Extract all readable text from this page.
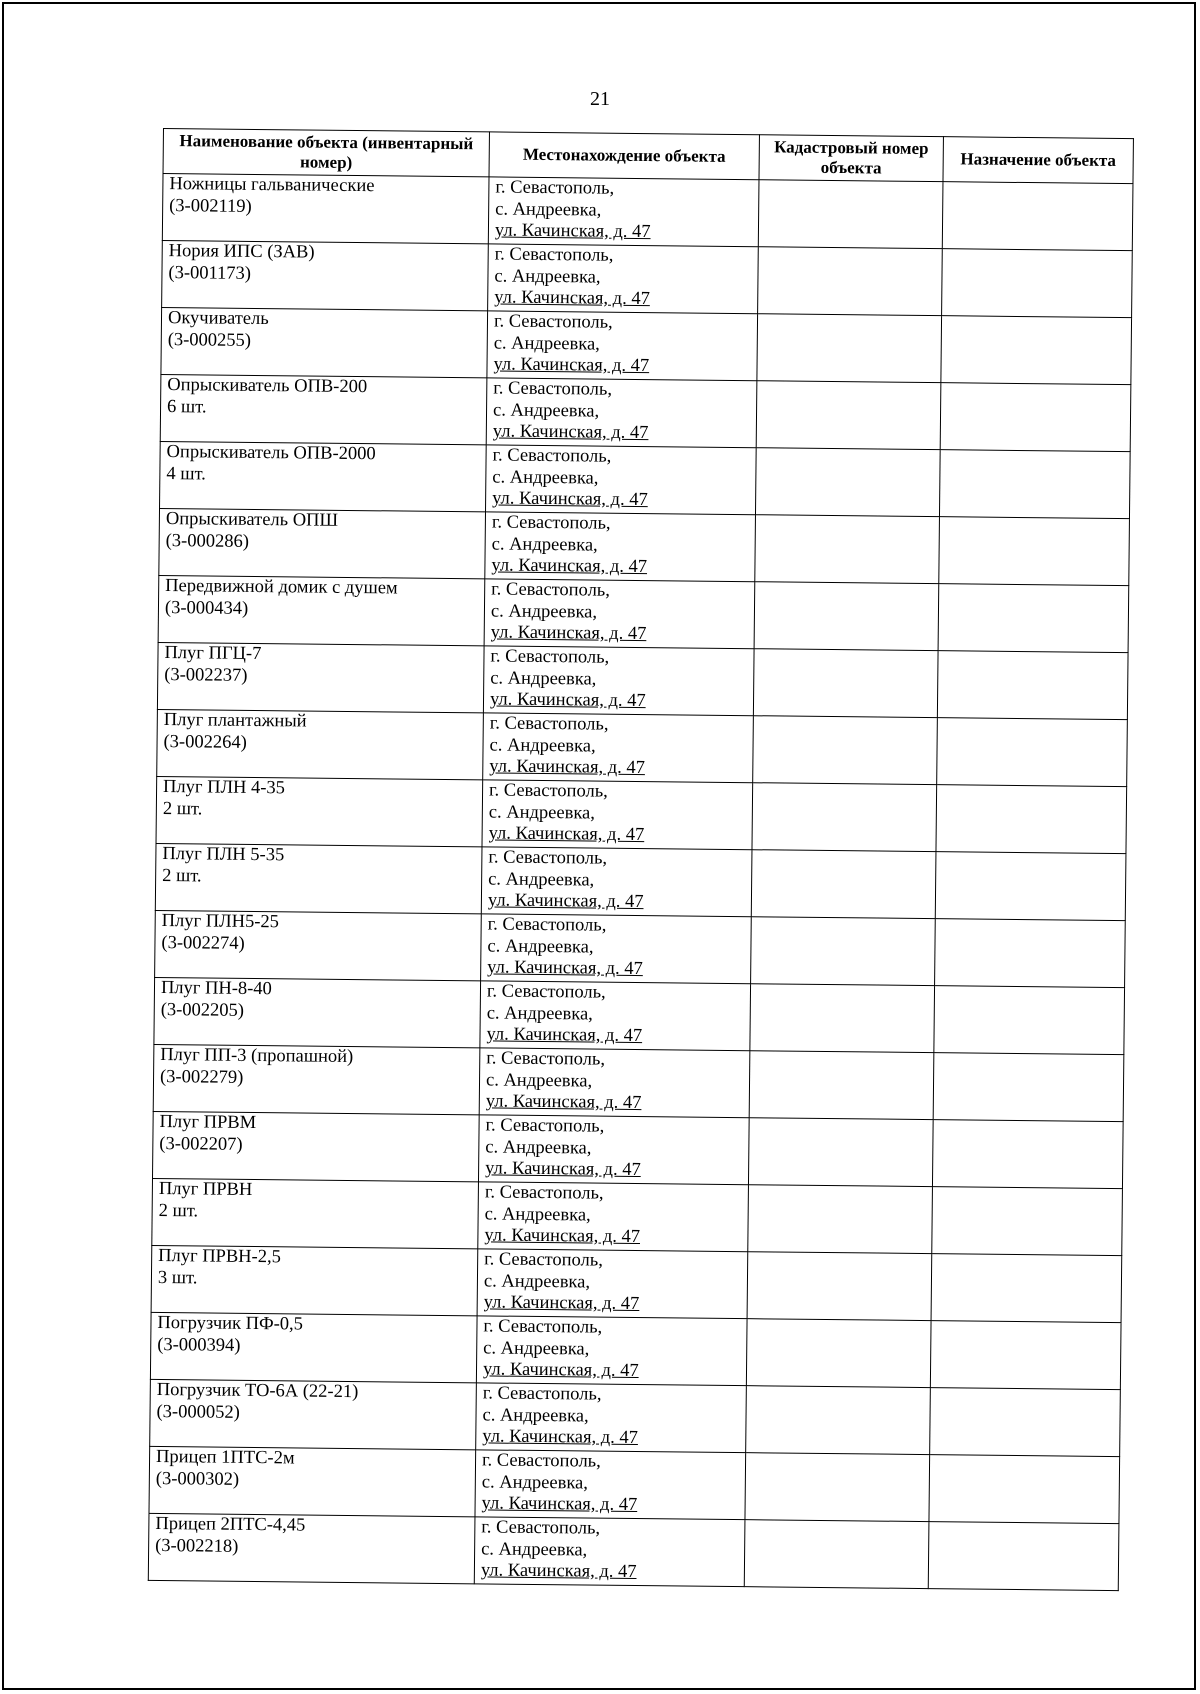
21
Наименование объекта (инвентарный номер)	Местонахождение объекта	Кадастровый номер объекта	Назначение объекта

Ножницы гальванические
(3-002119)	г. Севастополь,
с. Андреевка,
ул. Качинская, д. 47		

Нория ИПС (ЗАВ)
(3-001173)	г. Севастополь,
с. Андреевка,
ул. Качинская, д. 47		

Окучиватель
(3-000255)	г. Севастополь,
с. Андреевка,
ул. Качинская, д. 47		

Опрыскиватель ОПВ-200
6 шт.	г. Севастополь,
с. Андреевка,
ул. Качинская, д. 47		

Опрыскиватель ОПВ-2000
4 шт.	г. Севастополь,
с. Андреевка,
ул. Качинская, д. 47		

Опрыскиватель ОПШ
(3-000286)	г. Севастополь,
с. Андреевка,
ул. Качинская, д. 47		

Передвижной домик с душем
(3-000434)	г. Севастополь,
с. Андреевка,
ул. Качинская, д. 47		

Плуг ПГЦ-7
(3-002237)	г. Севастополь,
с. Андреевка,
ул. Качинская, д. 47		

Плуг плантажный
(3-002264)	г. Севастополь,
с. Андреевка,
ул. Качинская, д. 47		

Плуг ПЛН 4-35
2 шт.	г. Севастополь,
с. Андреевка,
ул. Качинская, д. 47		

Плуг ПЛН 5-35
2 шт.	г. Севастополь,
с. Андреевка,
ул. Качинская, д. 47		

Плуг ПЛН5-25
(3-002274)	г. Севастополь,
с. Андреевка,
ул. Качинская, д. 47		

Плуг ПН-8-40
(3-002205)	г. Севастополь,
с. Андреевка,
ул. Качинская, д. 47		

Плуг ПП-3 (пропашной)
(3-002279)	г. Севастополь,
с. Андреевка,
ул. Качинская, д. 47		

Плуг ПРВМ
(3-002207)	г. Севастополь,
с. Андреевка,
ул. Качинская, д. 47		

Плуг ПРВН
2 шт.	г. Севастополь,
с. Андреевка,
ул. Качинская, д. 47		

Плуг ПРВН-2,5
3 шт.	г. Севастополь,
с. Андреевка,
ул. Качинская, д. 47		

Погрузчик ПФ-0,5
(3-000394)	г. Севастополь,
с. Андреевка,
ул. Качинская, д. 47		

Погрузчик ТО-6А (22-21)
(3-000052)	г. Севастополь,
с. Андреевка,
ул. Качинская, д. 47		

Прицеп 1ПТС-2м
(3-000302)	г. Севастополь,
с. Андреевка,
ул. Качинская, д. 47		

Прицеп 2ПТС-4,45
(3-002218)	г. Севастополь,
с. Андреевка,
ул. Качинская, д. 47		
